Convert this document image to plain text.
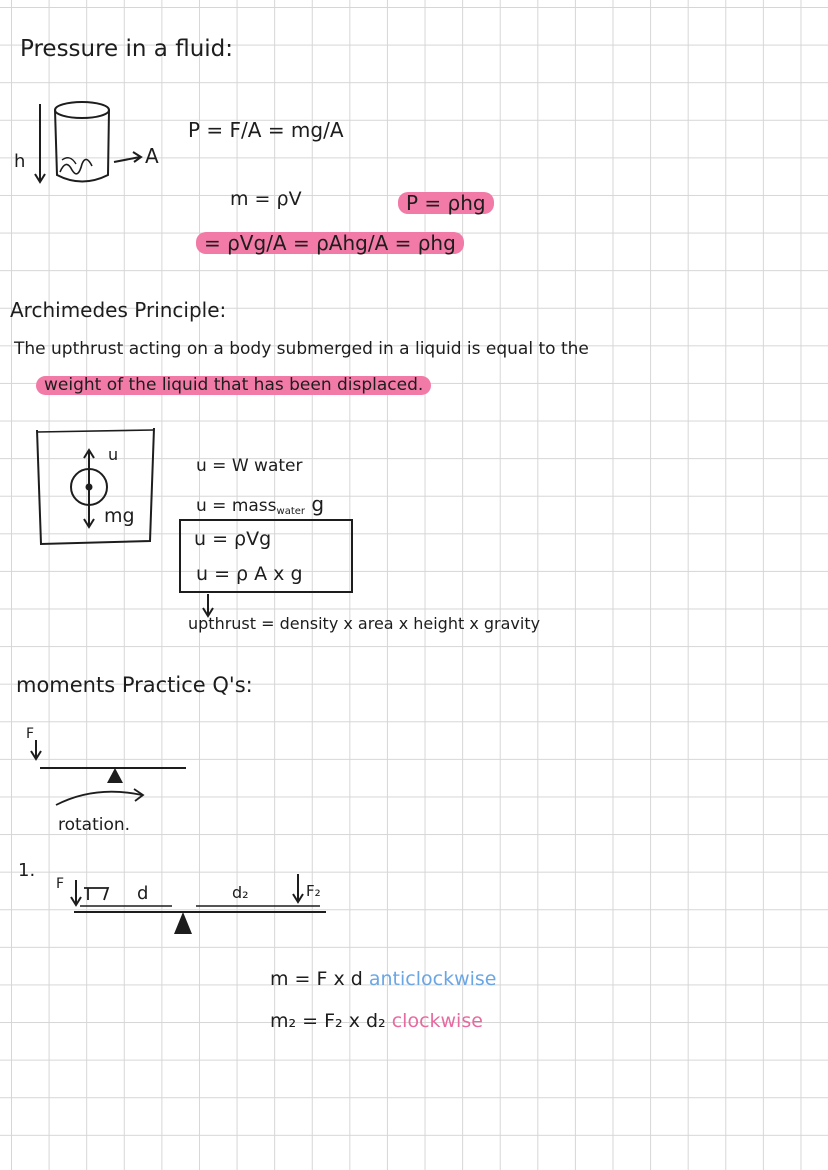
Pressure in a fluid:
h	A
P = F/A = mg/A
m = ρV	P = ρhg
= ρVg/A = ρAhg/A = ρhg
Archimedes Principle:
The upthrust acting on a body submerged in a liquid is equal to the
weight of the liquid that has been displaced.
u
mg
u = W water
u = mass$_{water}$ g
u = ρVg
u = ρ A x g
upthrust = density x area x height x gravity
moments Practice Q's:
F
rotation.
1.
F	d	d₂	F₂
m = F x d anticlockwise
m₂ = F₂ x d₂ clockwise
